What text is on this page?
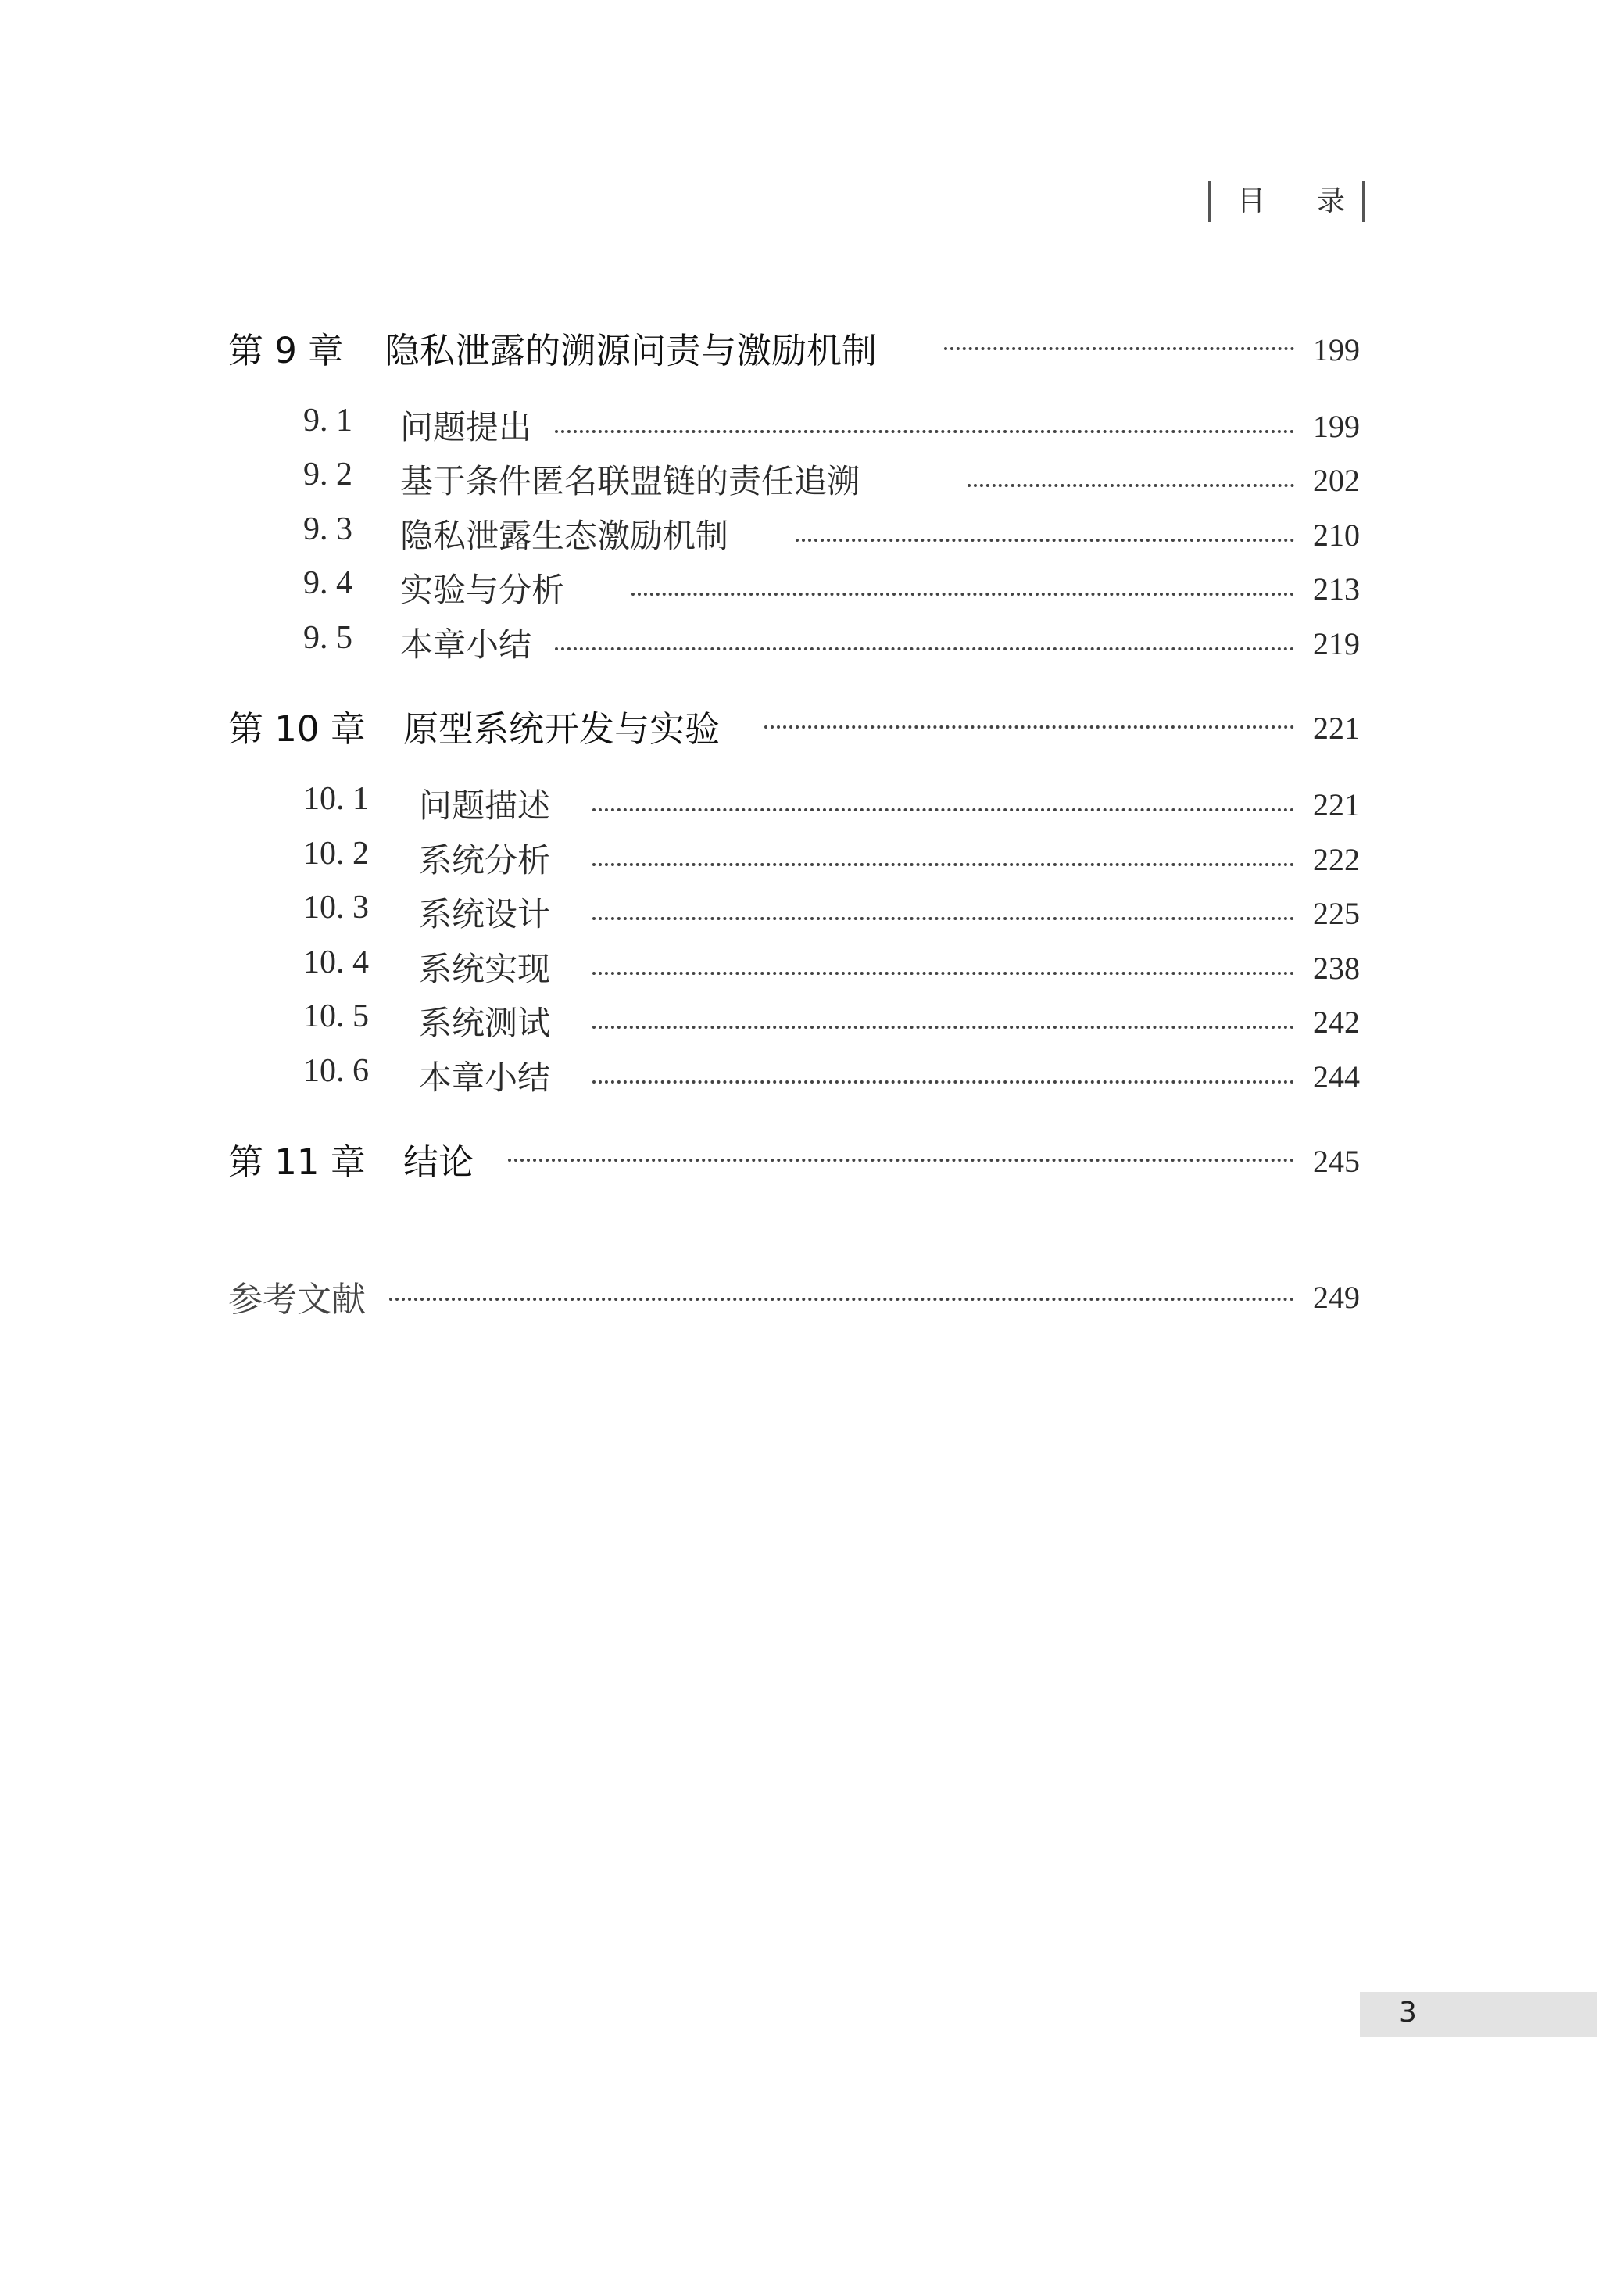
目 录
第 9 章 隐私泄露的溯源问责与激励机制	199
9. 1 问题提出	199
9. 2 基于条件匿名联盟链的责任追溯	202
9. 3 隐私泄露生态激励机制	210
9. 4 实验与分析	213
9. 5 本章小结	219
第 10 章 原型系统开发与实验	221
10. 1 问题描述	221
10. 2 系统分析	222
10. 3 系统设计	225
10. 4 系统实现	238
10. 5 系统测试	242
10. 6 本章小结	244
第 11 章 结论	245
参考文献	249
3
